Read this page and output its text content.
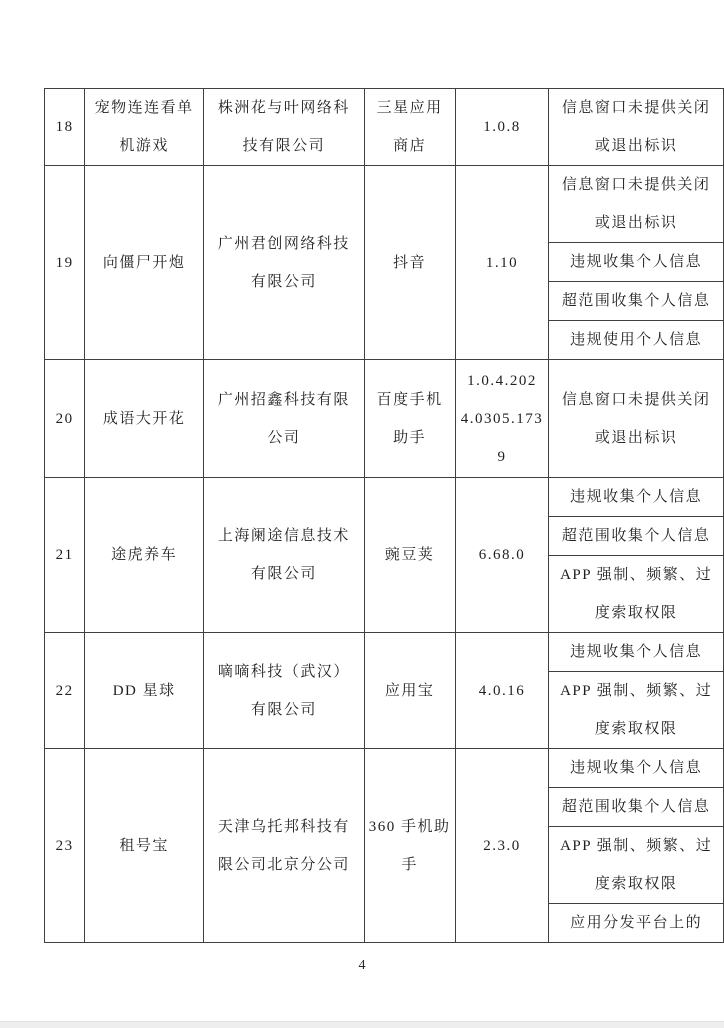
18	宠物连连看单机游戏	株洲花与叶网络科技有限公司	三星应用商店	1.0.8	信息窗口未提供关闭或退出标识
19	向僵尸开炮	广州君创网络科技有限公司	抖音	1.10	信息窗口未提供关闭或退出标识
					违规收集个人信息
					超范围收集个人信息
					违规使用个人信息
20	成语大开花	广州招鑫科技有限公司	百度手机助手	1.0.4.2024.0305.1739	信息窗口未提供关闭或退出标识
21	途虎养车	上海阑途信息技术有限公司	豌豆荚	6.68.0	违规收集个人信息
					超范围收集个人信息
					APP 强制、频繁、过度索取权限
22	DD 星球	嘀嘀科技（武汉）有限公司	应用宝	4.0.16	违规收集个人信息
					APP 强制、频繁、过度索取权限
23	租号宝	天津乌托邦科技有限公司北京分公司	360 手机助手	2.3.0	违规收集个人信息
					超范围收集个人信息
					APP 强制、频繁、过度索取权限
					应用分发平台上的
4
